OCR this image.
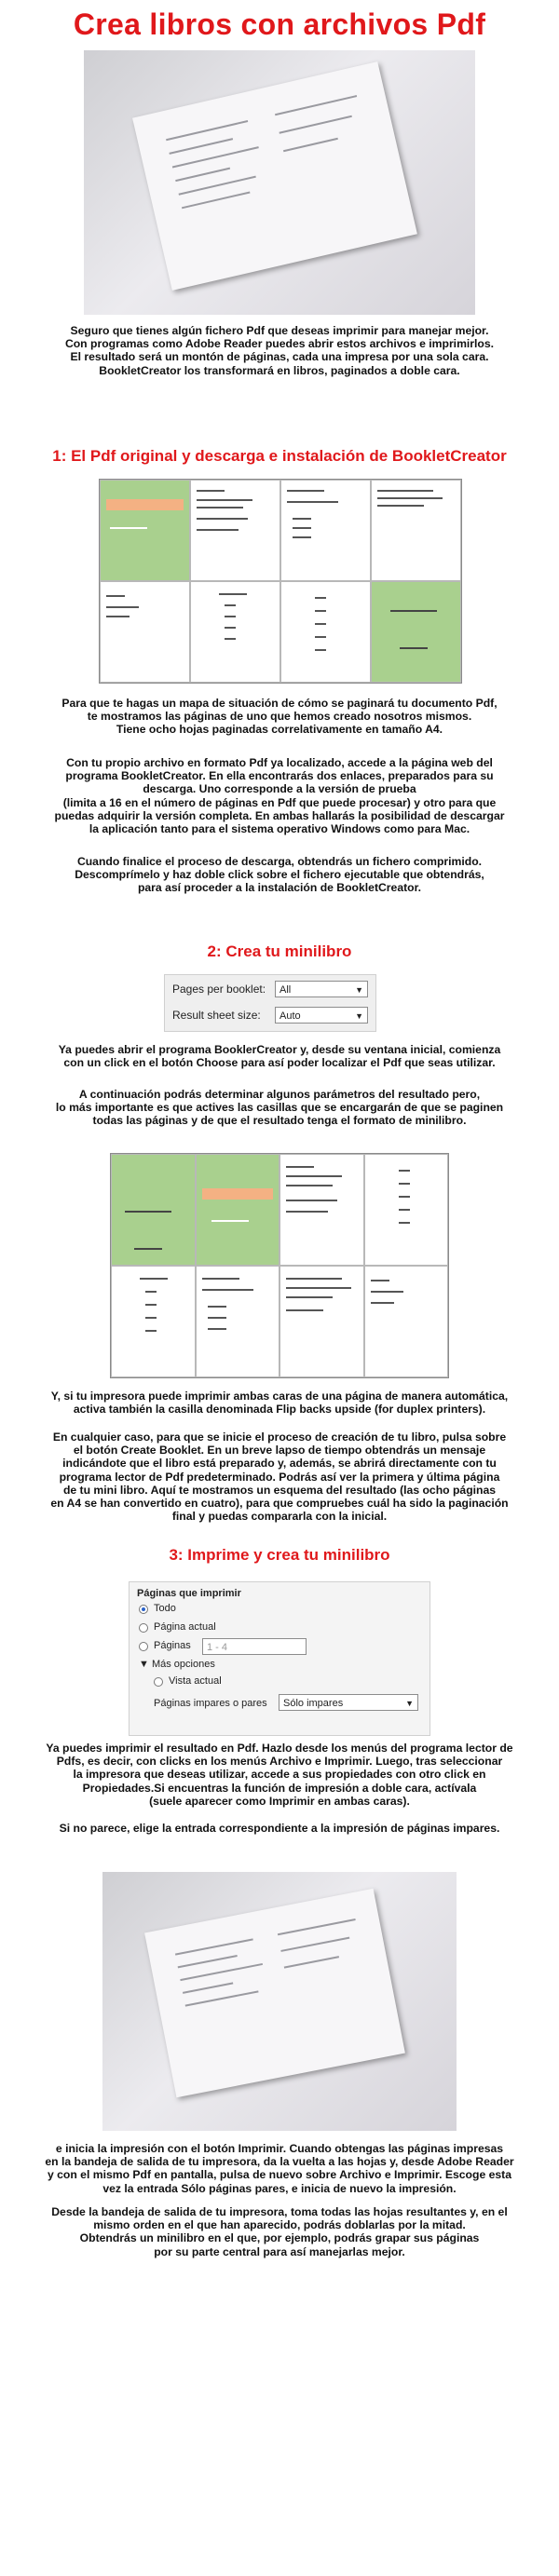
Crea libros con archivos Pdf
Seguro que tienes algún fichero Pdf que deseas imprimir para manejar mejor.
Con programas como Adobe Reader puedes abrir estos archivos e imprimirlos.
El resultado será un montón de páginas, cada una impresa por una sola cara.
BookletCreator los transformará en libros, paginados a doble cara.
1: El Pdf original y descarga e instalación de BookletCreator
Para que te hagas un mapa de situación de cómo se paginará tu documento Pdf,
te mostramos las páginas de uno que hemos creado nosotros mismos.
Tiene ocho hojas paginadas correlativamente en tamaño A4.
Con tu propio archivo en formato Pdf ya localizado, accede a la página web del
programa BookletCreator. En ella encontrarás dos enlaces, preparados para su
descarga. Uno corresponde a la versión de prueba
(limita a 16 en el número de páginas en Pdf que puede procesar) y otro para que
puedas adquirir la versión completa. En ambas hallarás la posibilidad de descargar
la aplicación tanto para el sistema operativo Windows como para Mac.
Cuando finalice el proceso de descarga, obtendrás un fichero comprimido.
Descomprímelo y haz doble click sobre el fichero ejecutable que obtendrás,
para así proceder a la instalación de BookletCreator.
2: Crea tu minilibro
Pages per booklet:	All	▼
Result sheet size:	Auto	▼
Ya puedes abrir el programa BooklerCreator y, desde su ventana inicial, comienza
con un click en el botón Choose para así poder localizar el Pdf que seas utilizar.
A continuación podrás determinar algunos parámetros del resultado pero,
lo más importante es que actives las casillas que se encargarán de que se paginen
todas las páginas y de que el resultado tenga el formato de minilibro.
Y, si tu impresora puede imprimir ambas caras de una página de manera automática,
activa también la casilla denominada Flip backs upside (for duplex printers).
En cualquier caso, para que se inicie el proceso de creación de tu libro, pulsa sobre
el botón Create Booklet. En un breve lapso de tiempo obtendrás un mensaje
indicándote que el libro está preparado y, además, se abrirá directamente con tu
programa lector de Pdf predeterminado. Podrás así ver la primera y última página
de tu mini libro. Aquí te mostramos un esquema del resultado (las ocho páginas
en A4 se han convertido en cuatro), para que compruebes cuál ha sido la paginación
final y puedas compararla con la inicial.
3: Imprime y crea tu minilibro
Páginas que imprimir
Todo
Página actual
Páginas	1 - 4
▼ Más opciones
Vista actual
Páginas impares o pares	Sólo impares	▼
Ya puedes imprimir el resultado en Pdf. Hazlo desde los menús del programa lector de
Pdfs, es decir, con clicks en los menús Archivo e Imprimir. Luego, tras seleccionar
la impresora que deseas utilizar, accede a sus propiedades con otro click en
Propiedades.Si encuentras la función de impresión a doble cara, actívala
(suele aparecer como Imprimir en ambas caras).
Si no parece, elige la entrada correspondiente a la impresión de páginas impares.
e inicia la impresión con el botón Imprimir. Cuando obtengas las páginas impresas
en la bandeja de salida de tu impresora, da la vuelta a las hojas y, desde Adobe Reader
y con el mismo Pdf en pantalla, pulsa de nuevo sobre Archivo e Imprimir. Escoge esta
vez la entrada Sólo páginas pares, e inicia de nuevo la impresión.
Desde la bandeja de salida de tu impresora, toma todas las hojas resultantes y, en el
mismo orden en el que han aparecido, podrás doblarlas por la mitad.
Obtendrás un minilibro en el que, por ejemplo, podrás grapar sus páginas
por su parte central para así manejarlas mejor.
